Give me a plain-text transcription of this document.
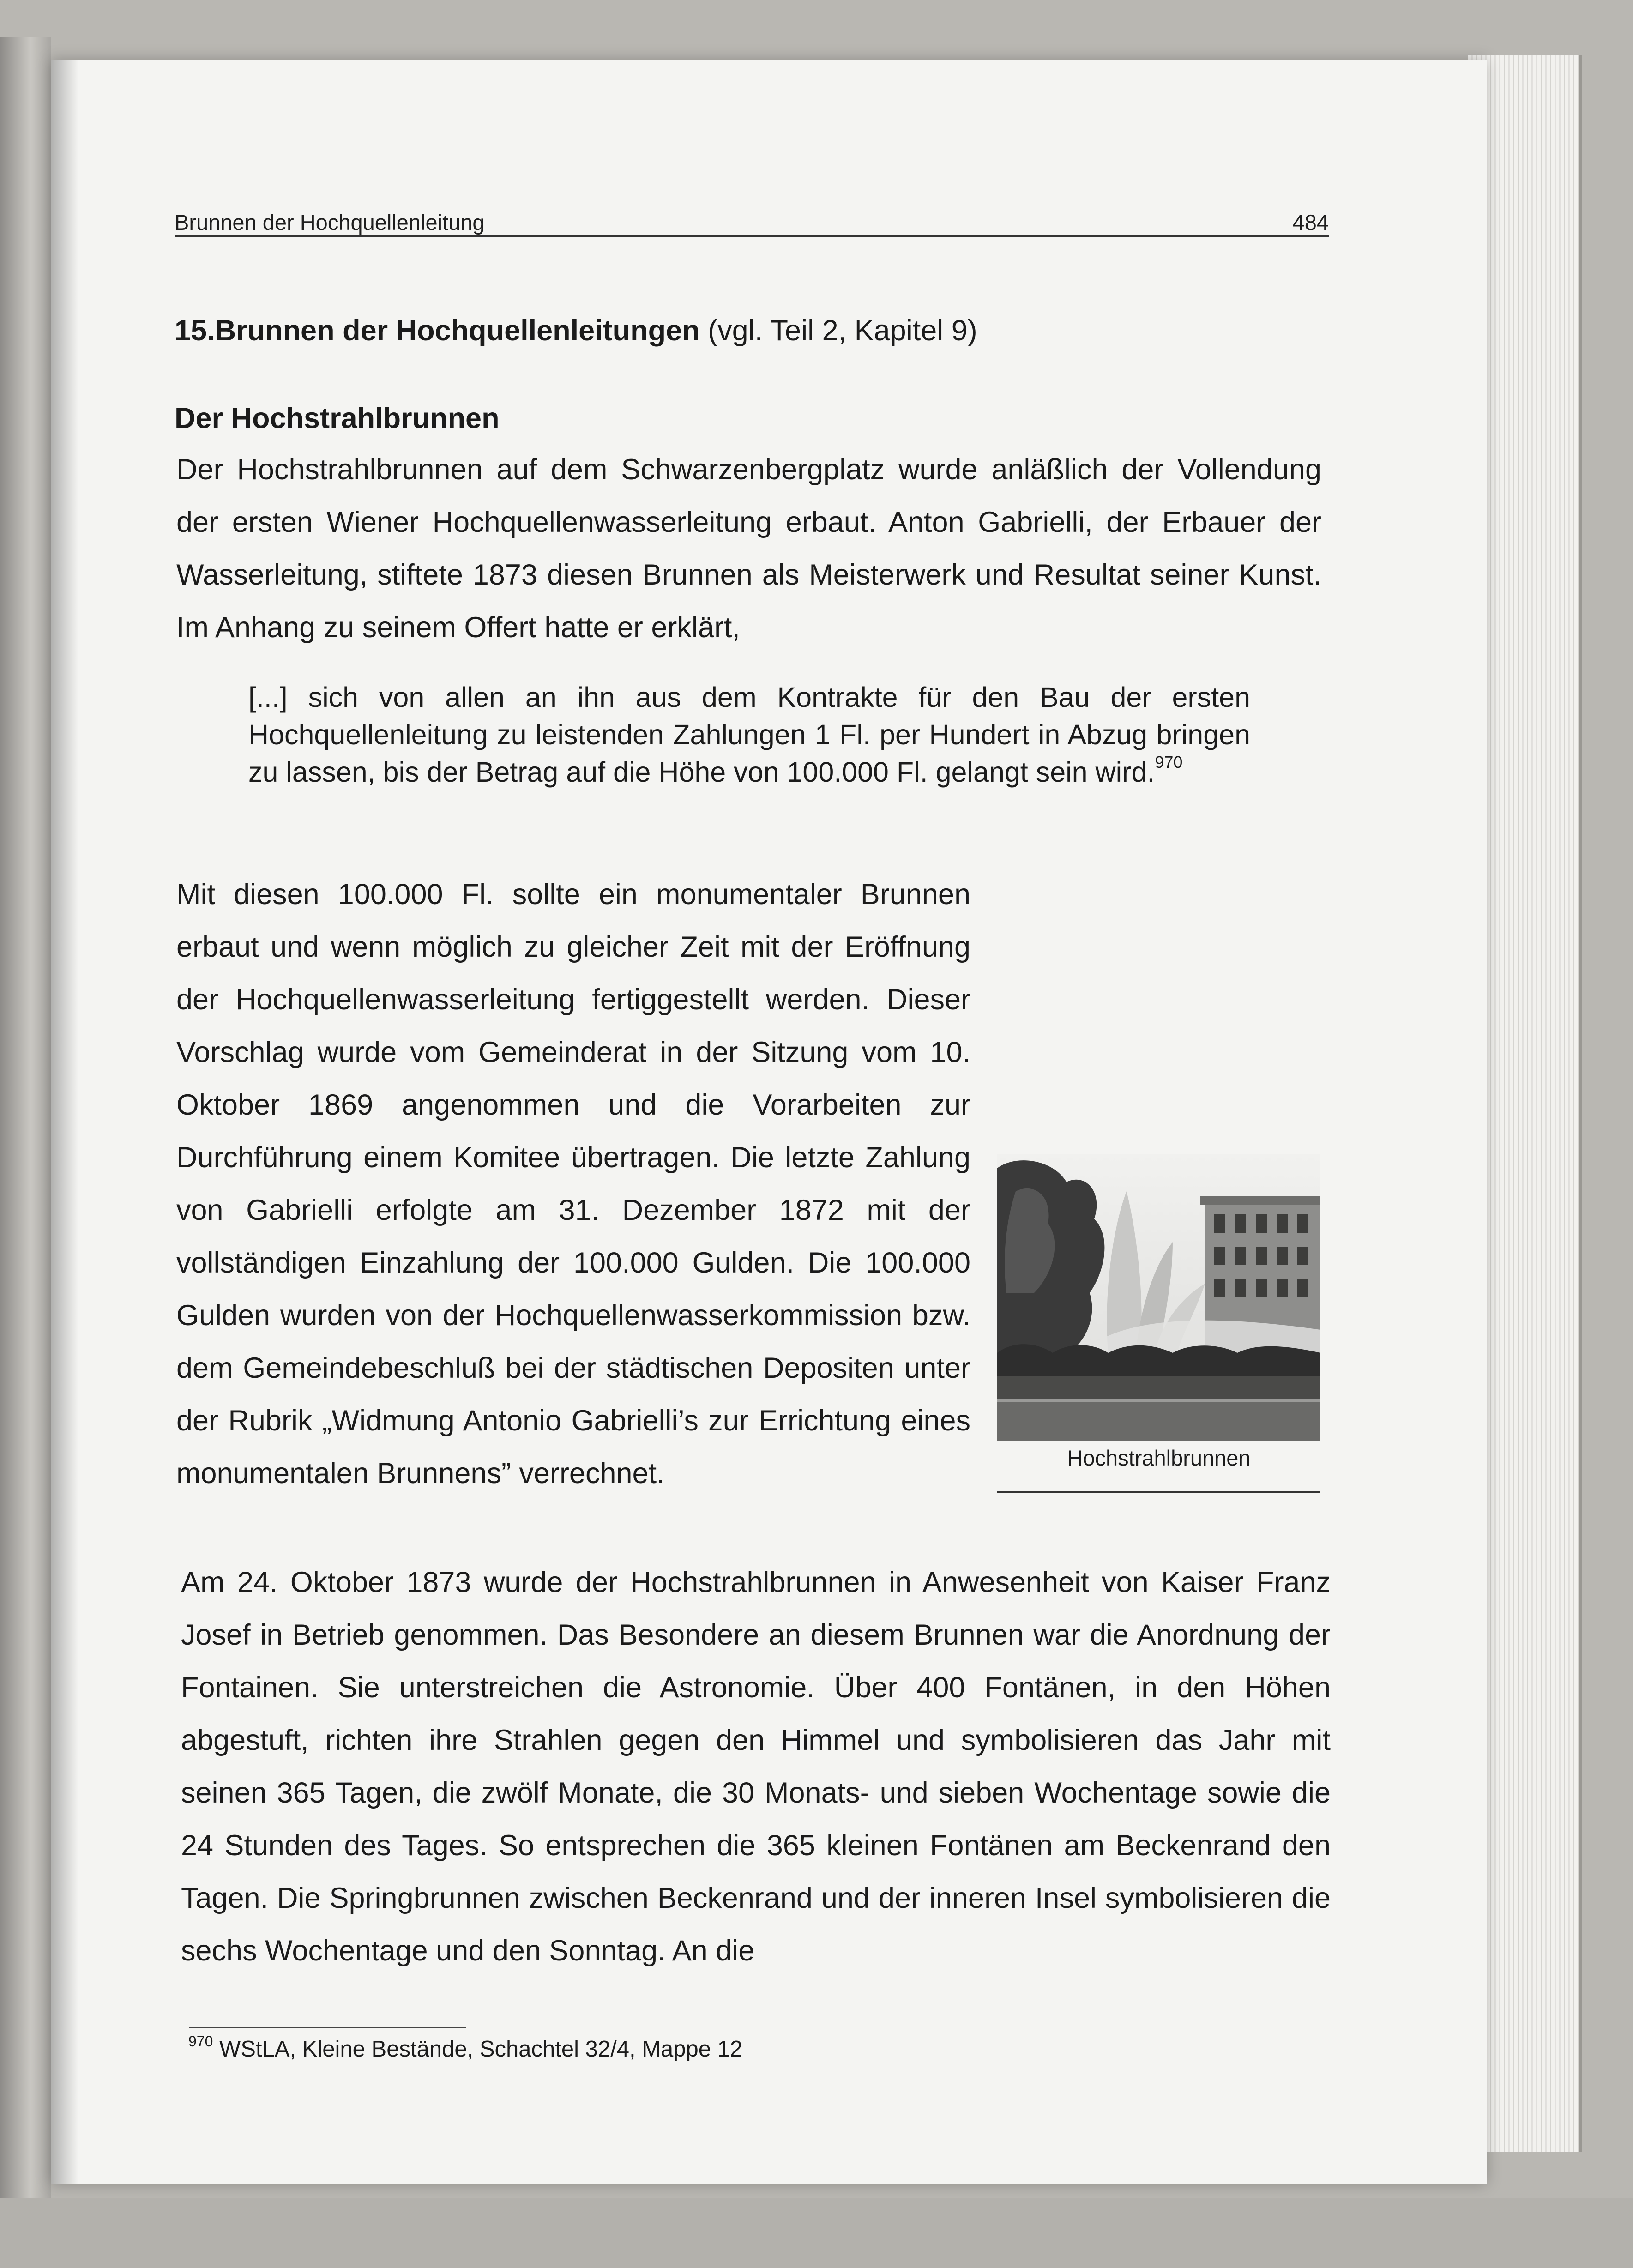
Brunnen der Hochquellenleitung	484
15.Brunnen der Hochquellenleitungen (vgl. Teil 2, Kapitel 9)
Der Hochstrahlbrunnen

Der Hochstrahlbrunnen auf dem Schwarzenbergplatz wurde anläßlich der Vollendung der ersten Wiener Hochquellenwasserleitung erbaut. Anton Gabrielli, der Erbauer der Wasserleitung, stiftete 1873 diesen Brunnen als Meisterwerk und Resultat seiner Kunst. Im Anhang zu seinem Offert hatte er erklärt,

[...] sich von allen an ihn aus dem Kontrakte für den Bau der ersten Hochquellenleitung zu leistenden Zahlungen 1 Fl. per Hundert in Abzug bringen zu lassen, bis der Betrag auf die Höhe von 100.000 Fl. gelangt sein wird.$^{970}$

Mit diesen 100.000 Fl. sollte ein monumentaler Brunnen erbaut und wenn möglich zu gleicher Zeit mit der Eröffnung der Hochquellenwasserleitung fertiggestellt werden. Dieser Vorschlag wurde vom Gemeinderat in der Sitzung vom 10. Oktober 1869 angenommen und die Vorarbeiten zur Durchführung einem Komitee übertragen. Die letzte Zahlung von Gabrielli erfolgte am 31. Dezember 1872 mit der vollständigen Einzahlung der 100.000 Gulden. Die 100.000 Gulden wurden von der Hochquellenwasserkommission bzw. dem Gemeindebeschluß bei der städtischen Depositen unter der Rubrik „Widmung Antonio Gabrielli’s zur Errichtung eines monumentalen Brunnens” verrechnet.	Hochstrahlbrunnen

Am 24. Oktober 1873 wurde der Hochstrahlbrunnen in Anwesenheit von Kaiser Franz Josef in Betrieb genommen. Das Besondere an diesem Brunnen war die Anordnung der Fontainen. Sie unterstreichen die Astronomie. Über 400 Fontänen, in den Höhen abgestuft, richten ihre Strahlen gegen den Himmel und symbolisieren das Jahr mit seinen 365 Tagen, die zwölf Monate, die 30 Monats- und sieben Wochentage sowie die 24 Stunden des Tages. So entsprechen die 365 kleinen Fontänen am Beckenrand den Tagen. Die Springbrunnen zwischen Beckenrand und der inneren Insel symbolisieren die sechs Wochentage und den Sonntag. An die

$^{970}$ WStLA, Kleine Bestände, Schachtel 32/4, Mappe 12
